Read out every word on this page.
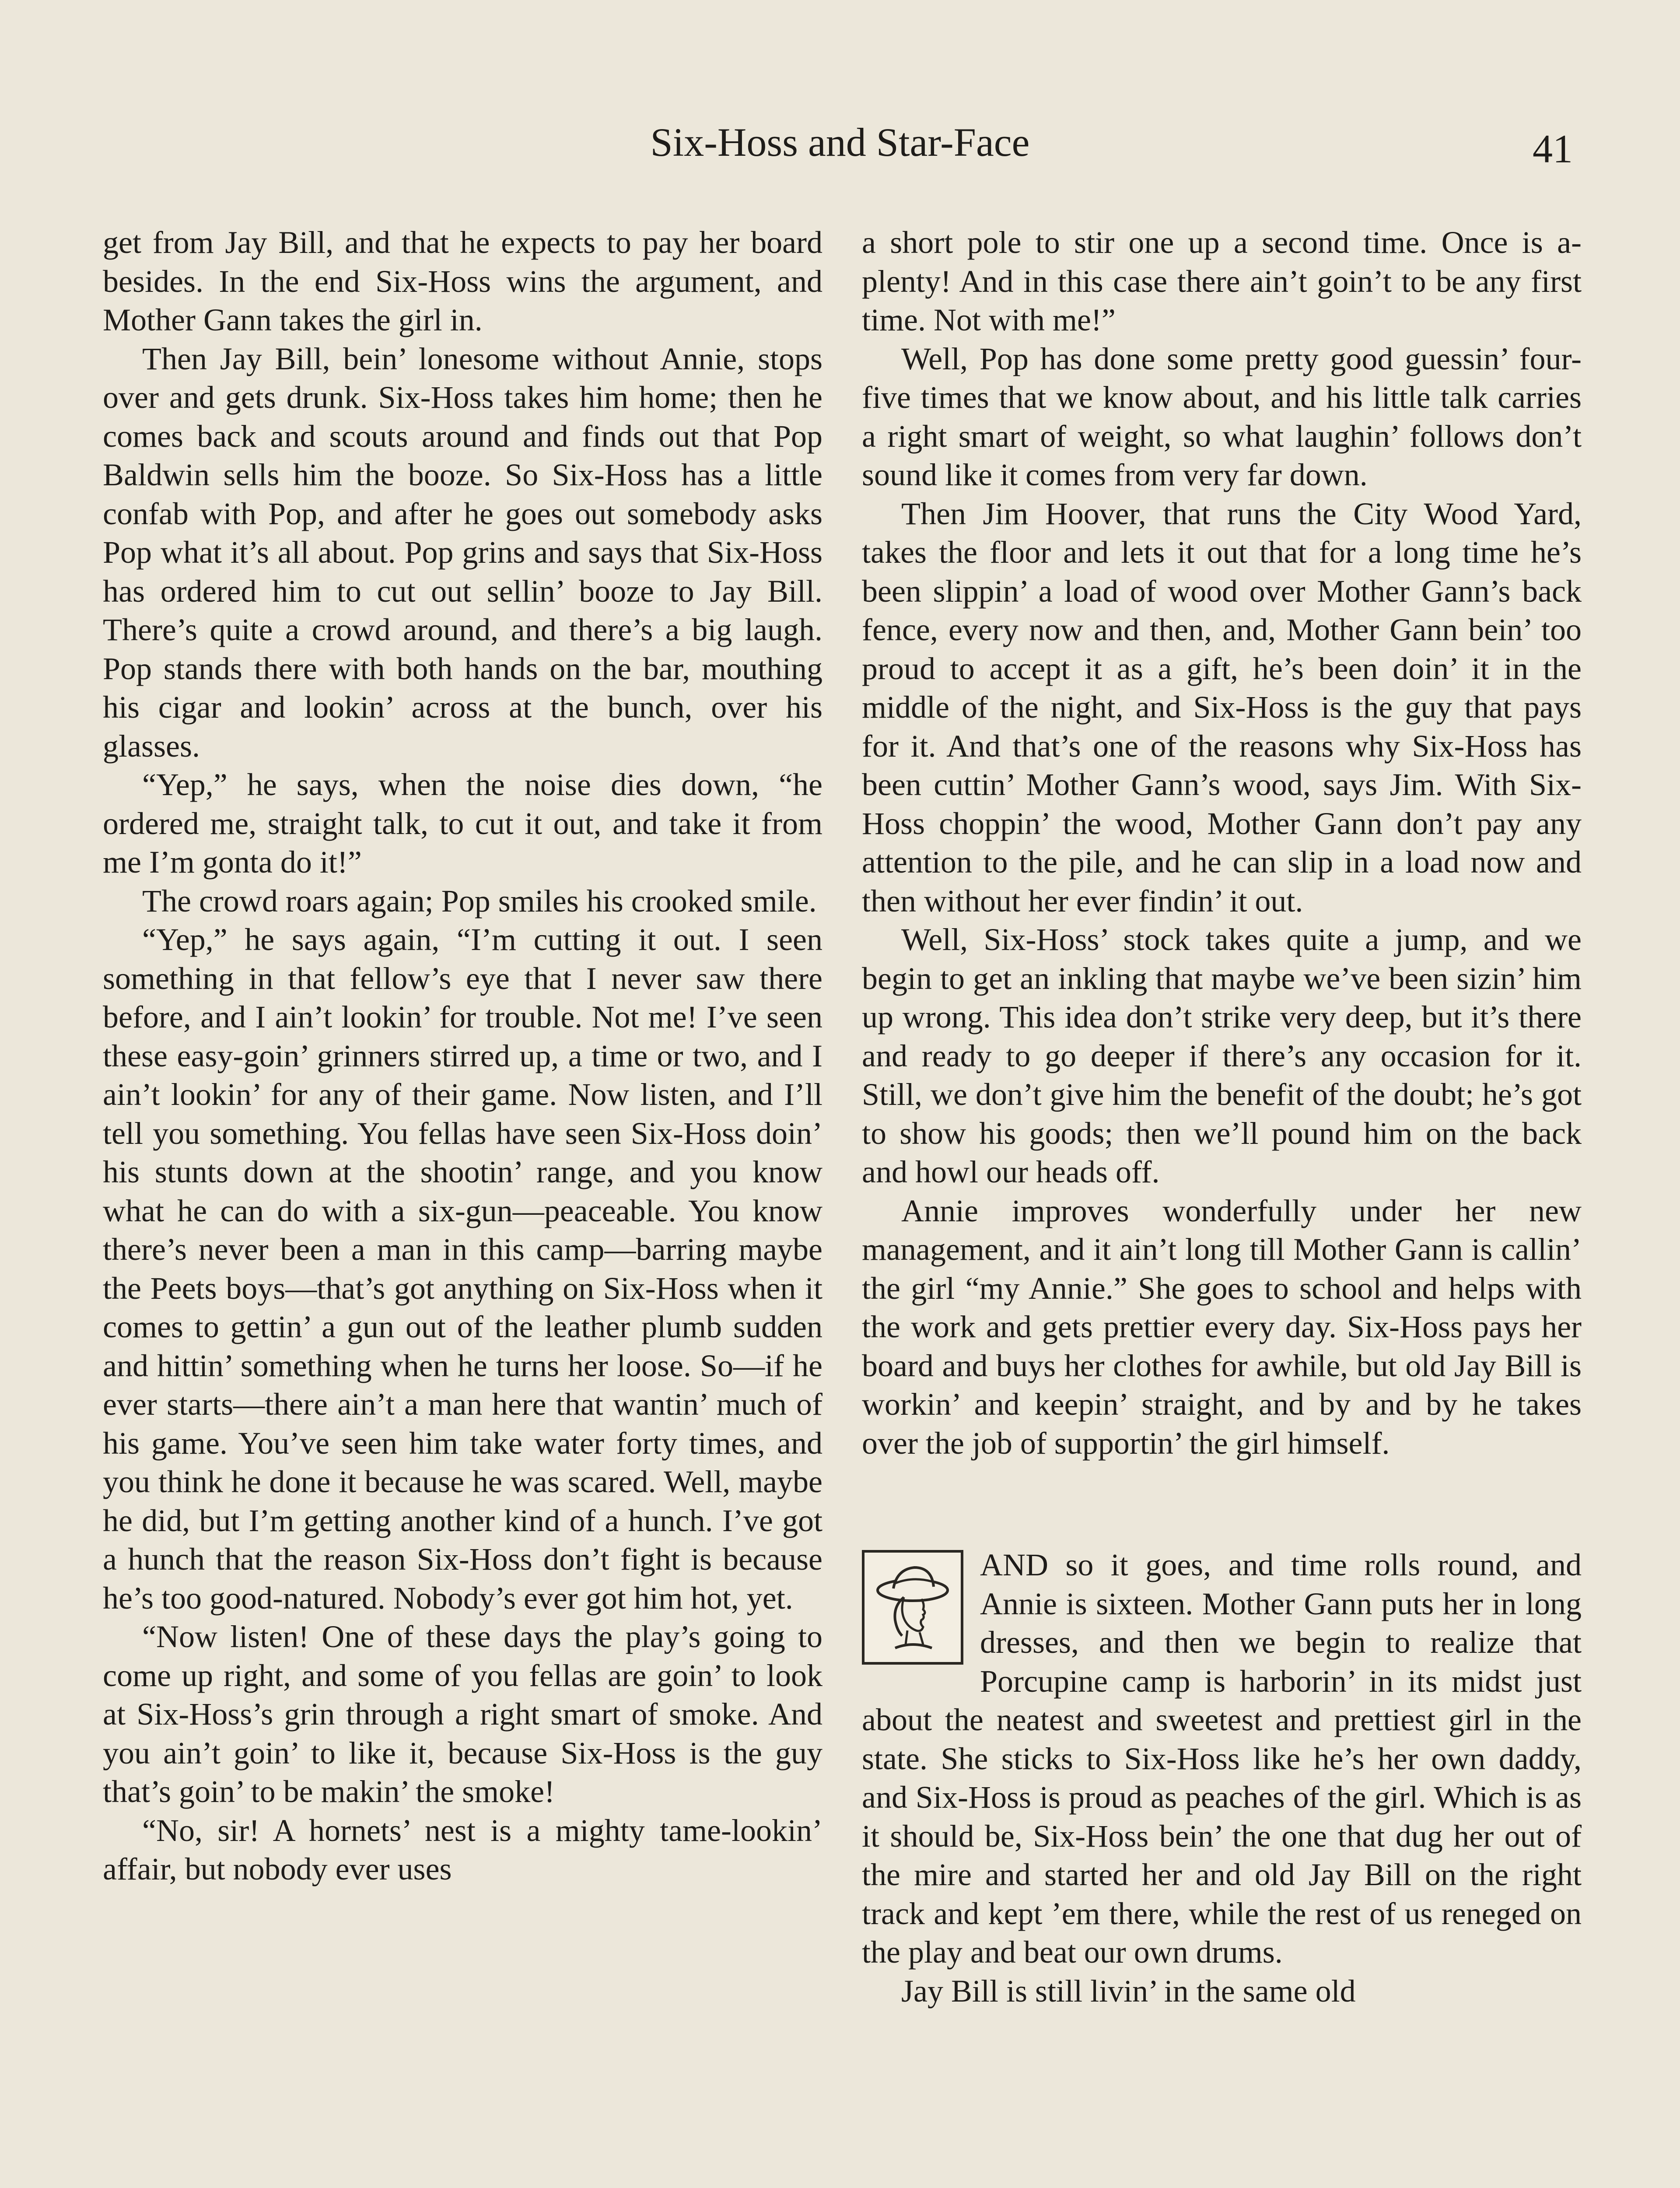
Six-Hoss and Star-Face	41

get from Jay Bill, and that he expects to pay her board besides. In the end Six-Hoss wins the argument, and Mother Gann takes the girl in.

Then Jay Bill, bein’ lonesome without Annie, stops over and gets drunk. Six-Hoss takes him home; then he comes back and scouts around and finds out that Pop Baldwin sells him the booze. So Six-Hoss has a little confab with Pop, and after he goes out somebody asks Pop what it’s all about. Pop grins and says that Six-Hoss has ordered him to cut out sellin’ booze to Jay Bill. There’s quite a crowd around, and there’s a big laugh. Pop stands there with both hands on the bar, mouthing his cigar and lookin’ across at the bunch, over his glasses.

“Yep,” he says, when the noise dies down, “he ordered me, straight talk, to cut it out, and take it from me I’m gonta do it!”

The crowd roars again; Pop smiles his crooked smile.

“Yep,” he says again, “I’m cutting it out. I seen something in that fellow’s eye that I never saw there before, and I ain’t lookin’ for trouble. Not me! I’ve seen these easy-goin’ grinners stirred up, a time or two, and I ain’t lookin’ for any of their game. Now listen, and I’ll tell you something. You fellas have seen Six-Hoss doin’ his stunts down at the shootin’ range, and you know what he can do with a six-gun—peaceable. You know there’s never been a man in this camp—barring maybe the Peets boys—that’s got anything on Six-Hoss when it comes to gettin’ a gun out of the leather plumb sudden and hittin’ something when he turns her loose. So—if he ever starts—there ain’t a man here that wantin’ much of his game. You’ve seen him take water forty times, and you think he done it because he was scared. Well, maybe he did, but I’m getting another kind of a hunch. I’ve got a hunch that the reason Six-Hoss don’t fight is because he’s too good-natured. Nobody’s ever got him hot, yet.

“Now listen! One of these days the play’s going to come up right, and some of you fellas are goin’ to look at Six-Hoss’s grin through a right smart of smoke. And you ain’t goin’ to like it, because Six-Hoss is the guy that’s goin’ to be makin’ the smoke!

“No, sir! A hornets’ nest is a mighty tame-lookin’ affair, but nobody ever uses

a short pole to stir one up a second time. Once is a-plenty! And in this case there ain’t goin’t to be any first time. Not with me!”

Well, Pop has done some pretty good guessin’ four-five times that we know about, and his little talk carries a right smart of weight, so what laughin’ follows don’t sound like it comes from very far down.

Then Jim Hoover, that runs the City Wood Yard, takes the floor and lets it out that for a long time he’s been slippin’ a load of wood over Mother Gann’s back fence, every now and then, and, Mother Gann bein’ too proud to accept it as a gift, he’s been doin’ it in the middle of the night, and Six-Hoss is the guy that pays for it. And that’s one of the reasons why Six-Hoss has been cuttin’ Mother Gann’s wood, says Jim. With Six-Hoss choppin’ the wood, Mother Gann don’t pay any attention to the pile, and he can slip in a load now and then without her ever findin’ it out.

Well, Six-Hoss’ stock takes quite a jump, and we begin to get an inkling that maybe we’ve been sizin’ him up wrong. This idea don’t strike very deep, but it’s there and ready to go deeper if there’s any occasion for it. Still, we don’t give him the benefit of the doubt; he’s got to show his goods; then we’ll pound him on the back and howl our heads off.

Annie improves wonderfully under her new management, and it ain’t long till Mother Gann is callin’ the girl “my Annie.” She goes to school and helps with the work and gets prettier every day. Six-Hoss pays her board and buys her clothes for awhile, but old Jay Bill is workin’ and keepin’ straight, and by and by he takes over the job of supportin’ the girl himself.

AND so it goes, and time rolls round, and Annie is sixteen. Mother Gann puts her in long dresses, and then we begin to realize that Porcupine camp is harborin’ in its midst just about the neatest and sweetest and prettiest girl in the state. She sticks to Six-Hoss like he’s her own daddy, and Six-Hoss is proud as peaches of the girl. Which is as it should be, Six-Hoss bein’ the one that dug her out of the mire and started her and old Jay Bill on the right track and kept ’em there, while the rest of us reneged on the play and beat our own drums.

Jay Bill is still livin’ in the same old
